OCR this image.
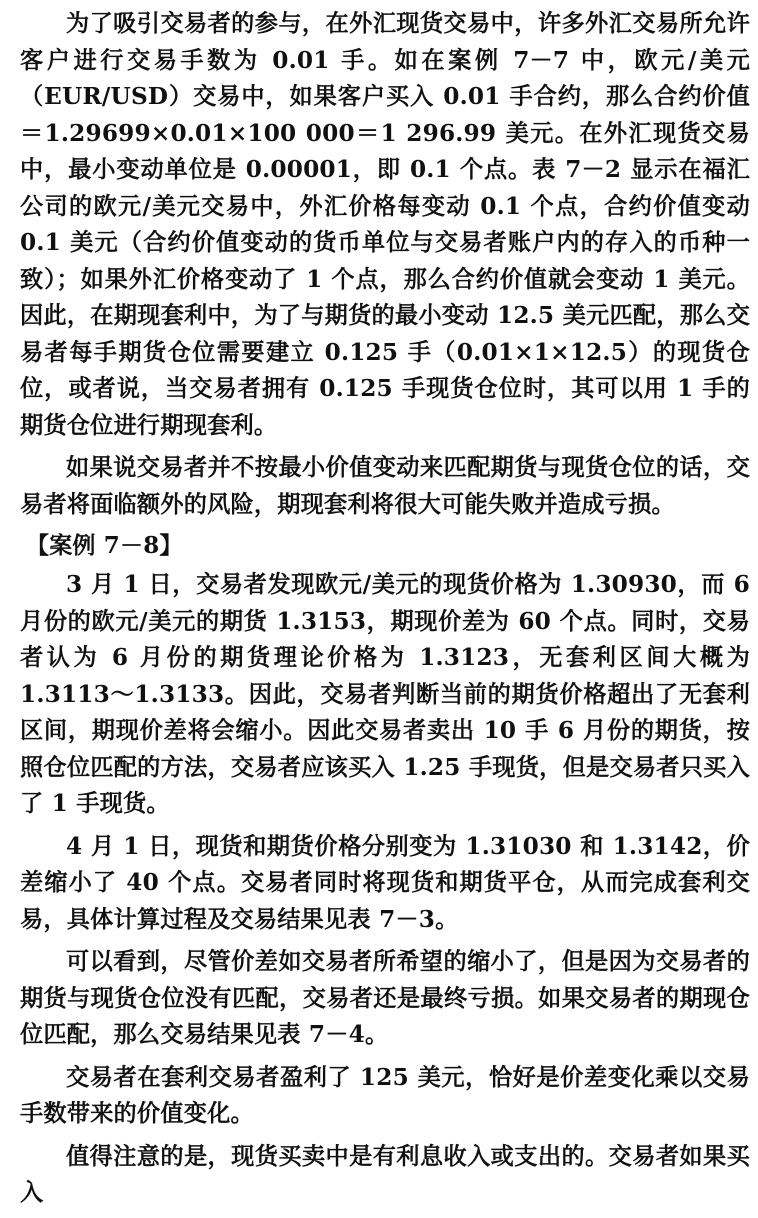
为了吸引交易者的参与，在外汇现货交易中，许多外汇交易所允许客户进行交易手数为 0.01 手。如在案例 7－7 中，欧元/美元（EUR/USD）交易中，如果客户买入 0.01 手合约，那么合约价值＝1.29699×0.01×100 000＝1 296.99 美元。在外汇现货交易中，最小变动单位是 0.00001，即 0.1 个点。表 7－2 显示在福汇公司的欧元/美元交易中，外汇价格每变动 0.1 个点，合约价值变动 0.1 美元（合约价值变动的货币单位与交易者账户内的存入的币种一致）；如果外汇价格变动了 1 个点，那么合约价值就会变动 1 美元。因此，在期现套利中，为了与期货的最小变动 12.5 美元匹配，那么交易者每手期货仓位需要建立 0.125 手（0.01×1×12.5）的现货仓位，或者说，当交易者拥有 0.125 手现货仓位时，其可以用 1 手的期货仓位进行期现套利。

如果说交易者并不按最小价值变动来匹配期货与现货仓位的话，交易者将面临额外的风险，期现套利将很大可能失败并造成亏损。

【案例 7－8】

3 月 1 日，交易者发现欧元/美元的现货价格为 1.30930，而 6 月份的欧元/美元的期货 1.3153，期现价差为 60 个点。同时，交易者认为 6 月份的期货理论价格为 1.3123，无套利区间大概为 1.3113～1.3133。因此，交易者判断当前的期货价格超出了无套利区间，期现价差将会缩小。因此交易者卖出 10 手 6 月份的期货，按照仓位匹配的方法，交易者应该买入 1.25 手现货，但是交易者只买入了 1 手现货。

4 月 1 日，现货和期货价格分别变为 1.31030 和 1.3142，价差缩小了 40 个点。交易者同时将现货和期货平仓，从而完成套利交易，具体计算过程及交易结果见表 7－3。

可以看到，尽管价差如交易者所希望的缩小了，但是因为交易者的期货与现货仓位没有匹配，交易者还是最终亏损。如果交易者的期现仓位匹配，那么交易结果见表 7－4。

交易者在套利交易者盈利了 125 美元，恰好是价差变化乘以交易手数带来的价值变化。

值得注意的是，现货买卖中是有利息收入或支出的。交易者如果买入
